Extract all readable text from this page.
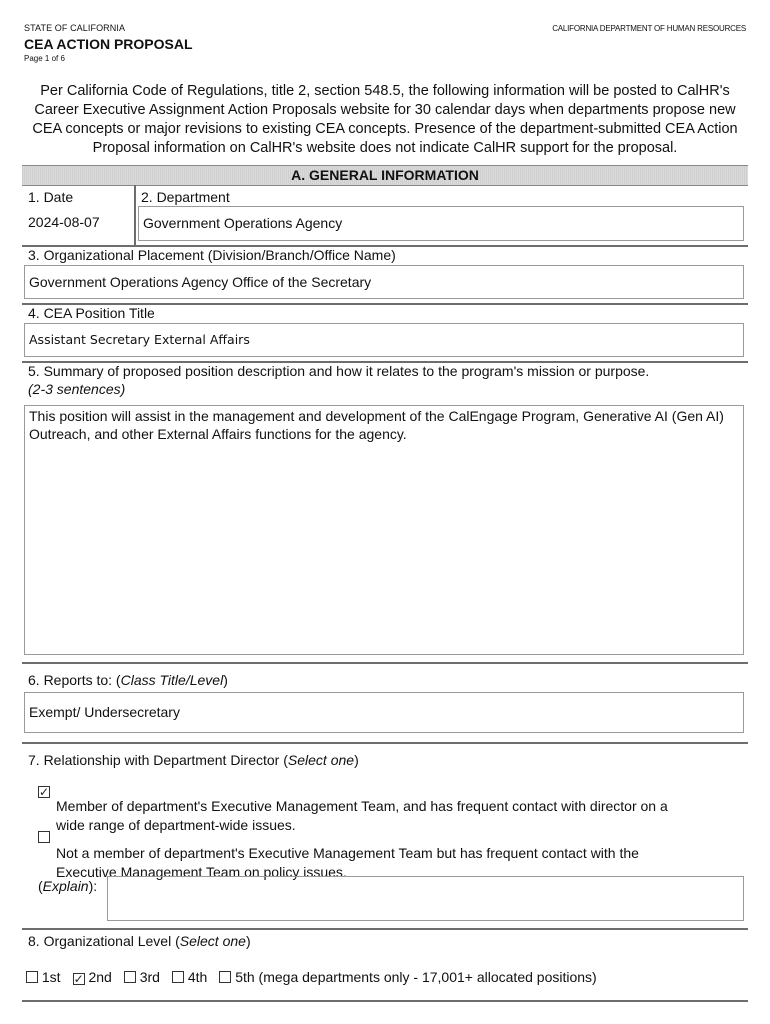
STATE OF CALIFORNIA	CALIFORNIA DEPARTMENT OF HUMAN RESOURCES
CEA ACTION PROPOSAL
Page 1 of 6
Per California Code of Regulations, title 2, section 548.5, the following information will be posted to CalHR's Career Executive Assignment Action Proposals website for 30 calendar days when departments propose new CEA concepts or major revisions to existing CEA concepts. Presence of the department-submitted CEA Action Proposal information on CalHR's website does not indicate CalHR support for the proposal.
A. GENERAL INFORMATION
1. Date
2024-08-07
2. Department
Government Operations Agency
3. Organizational Placement (Division/Branch/Office Name)
Government Operations Agency Office of the Secretary
4. CEA Position Title
Assistant Secretary External Affairs
5. Summary of proposed position description and how it relates to the program's mission or purpose.
(2-3 sentences)
This position will assist in the management and development of the CalEngage Program, Generative AI (Gen AI) Outreach, and other External Affairs functions for the agency.
6. Reports to: (Class Title/Level)
Exempt/ Undersecretary
7. Relationship with Department Director (Select one)
✓
Member of department's Executive Management Team, and has frequent contact with director on a
wide range of department-wide issues.
Not a member of department's Executive Management Team but has frequent contact with the
Executive Management Team on policy issues.
(Explain):
8. Organizational Level (Select one)
1st ✓ 2nd 3rd 4th 5th (mega departments only - 17,001+ allocated positions)
